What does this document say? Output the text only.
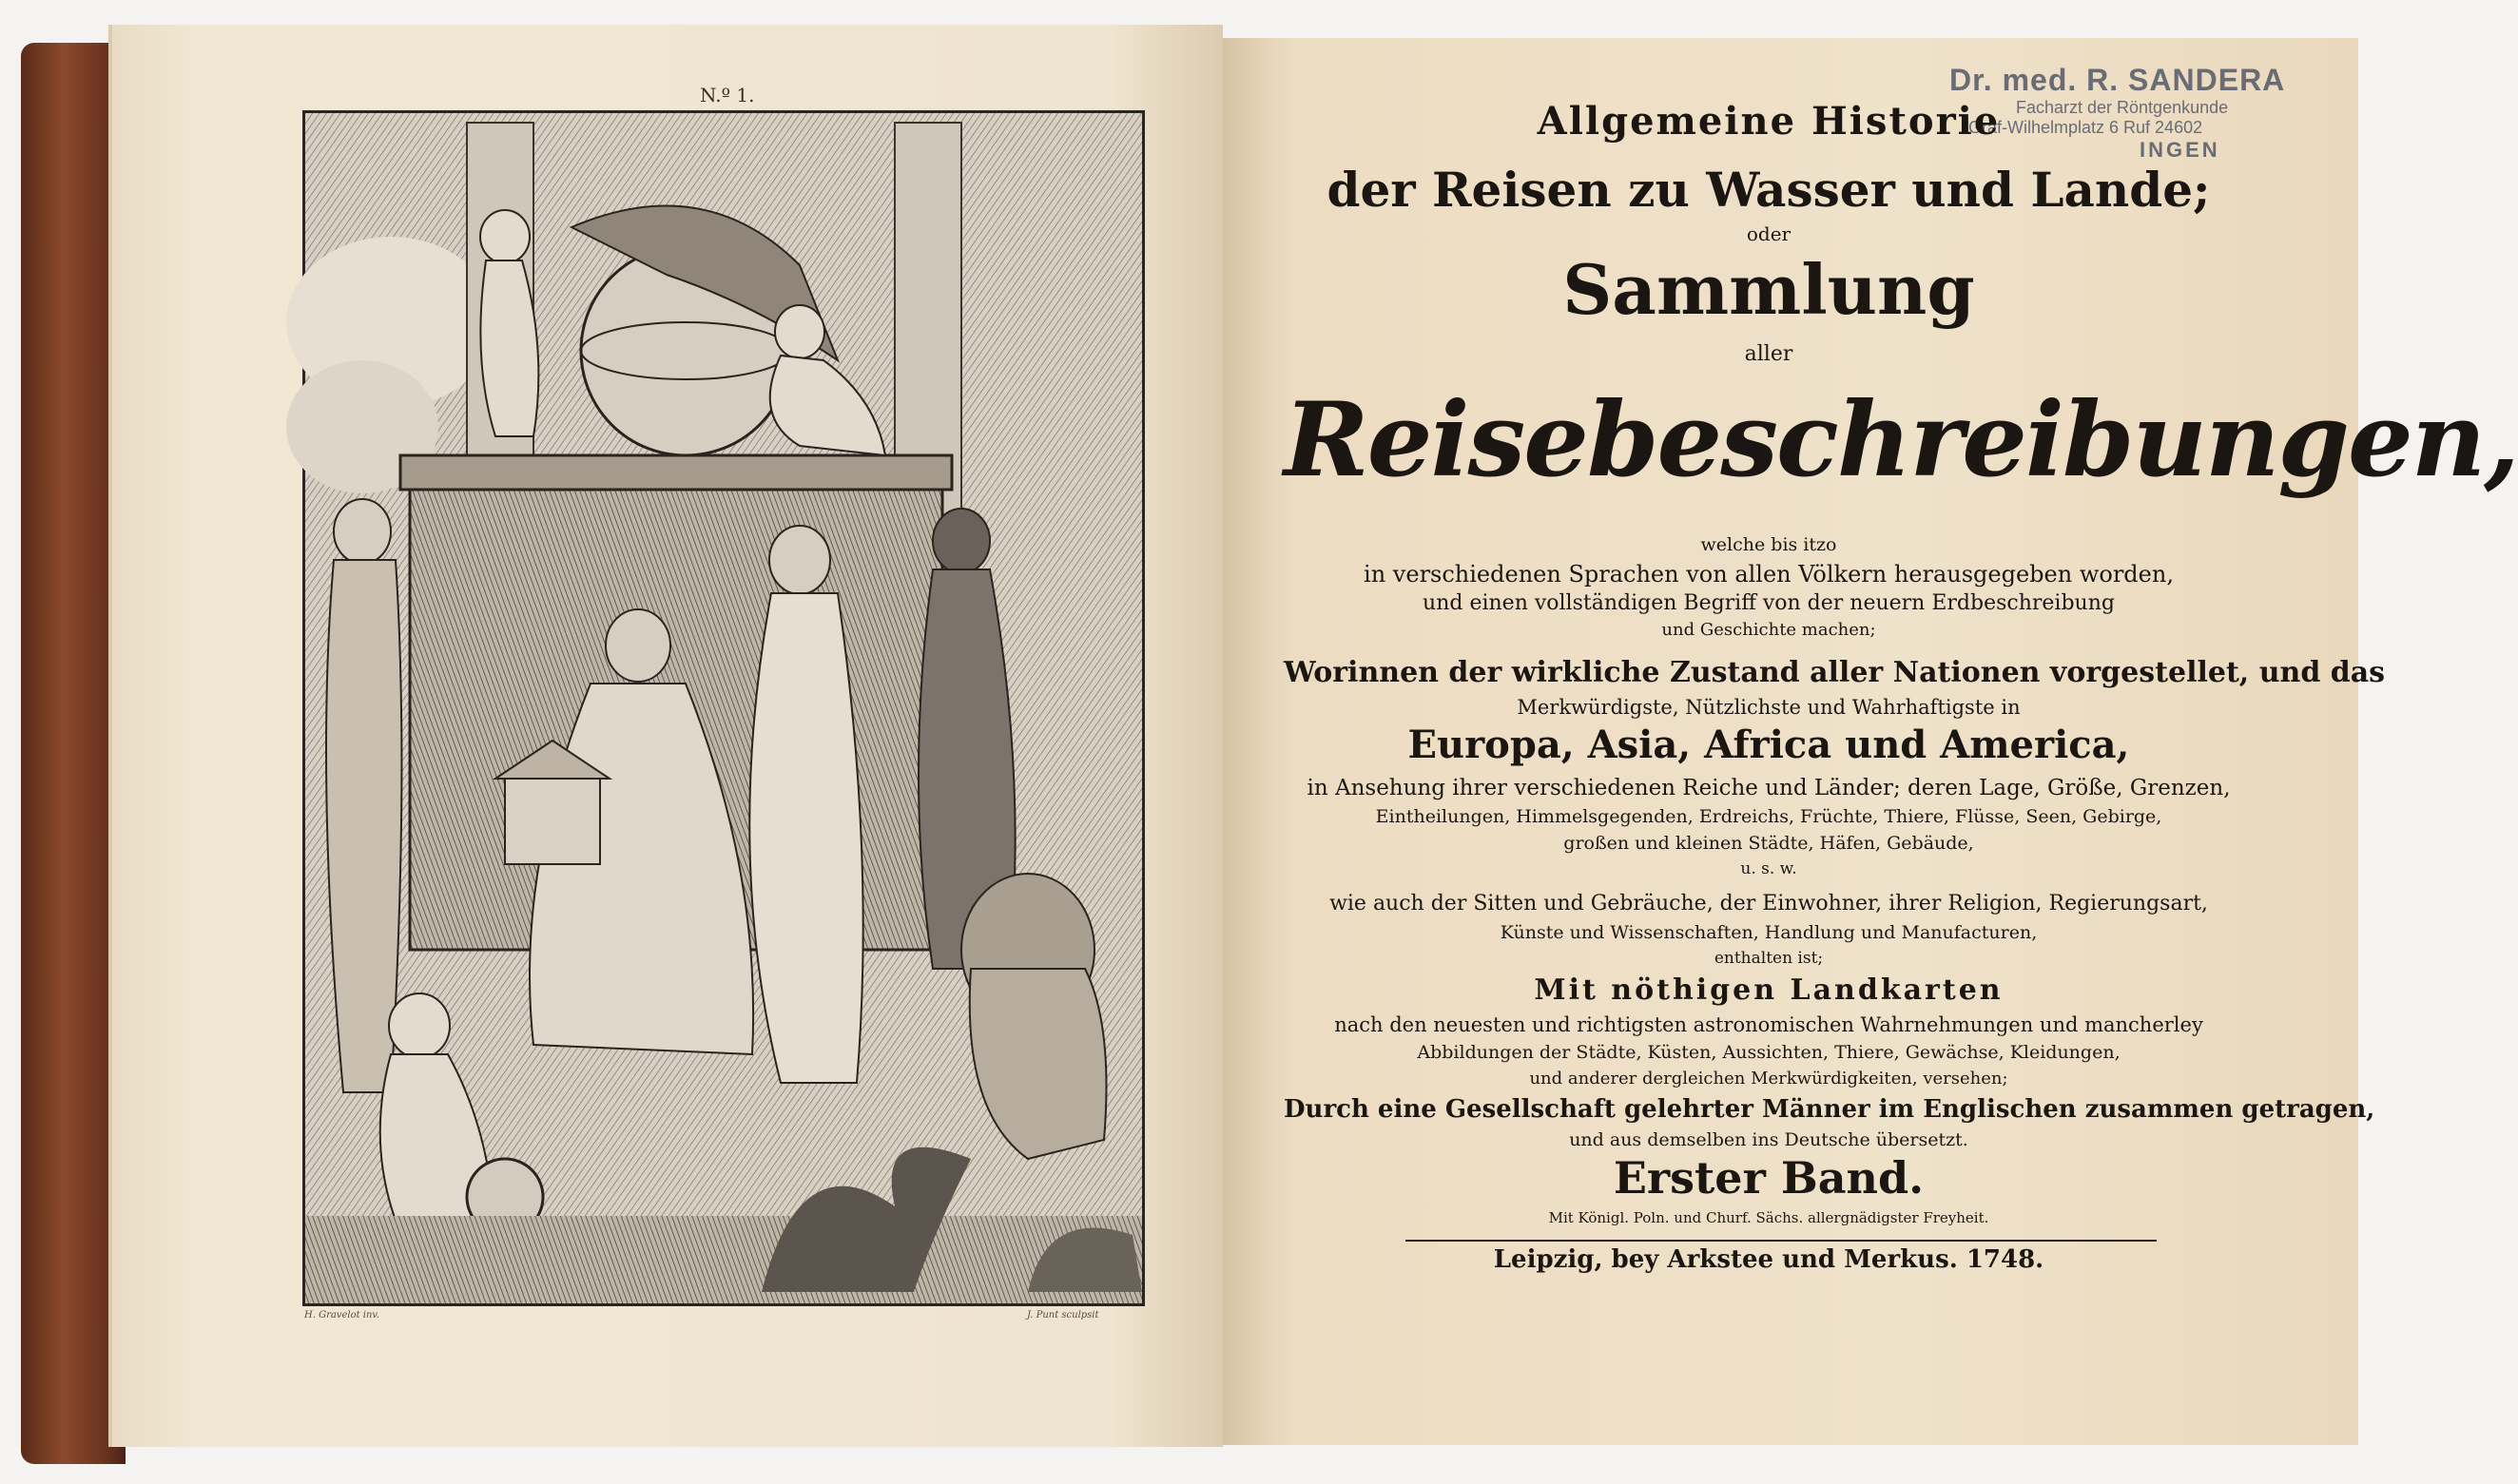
N.º 1.
H. Gravelot inv.	J. Punt sculpsit
Dr. med. R. SANDERA
Facharzt der Röntgenkunde
Graf-Wilhelmplatz 6 Ruf 24602
INGEN
Allgemeine Historie
der Reisen zu Wasser und Lande;
oder
Sammlung
aller
Reisebeschreibungen,
welche bis itzo
in verschiedenen Sprachen von allen Völkern herausgegeben worden,
und einen vollständigen Begriff von der neuern Erdbeschreibung
und Geschichte machen;
Worinnen der wirkliche Zustand aller Nationen vorgestellet, und das
Merkwürdigste, Nützlichste und Wahrhaftigste in
Europa, Asia, Africa und America,
in Ansehung ihrer verschiedenen Reiche und Länder; deren Lage, Größe, Grenzen,
Eintheilungen, Himmelsgegenden, Erdreichs, Früchte, Thiere, Flüsse, Seen, Gebirge,
großen und kleinen Städte, Häfen, Gebäude,
u. s. w.
wie auch der Sitten und Gebräuche, der Einwohner, ihrer Religion, Regierungsart,
Künste und Wissenschaften, Handlung und Manufacturen,
enthalten ist;
Mit nöthigen Landkarten
nach den neuesten und richtigsten astronomischen Wahrnehmungen und mancherley
Abbildungen der Städte, Küsten, Aussichten, Thiere, Gewächse, Kleidungen,
und anderer dergleichen Merkwürdigkeiten, versehen;
Durch eine Gesellschaft gelehrter Männer im Englischen zusammen getragen,
und aus demselben ins Deutsche übersetzt.
Erster Band.
Mit Königl. Poln. und Churf. Sächs. allergnädigster Freyheit.
Leipzig, bey Arkstee und Merkus. 1748.
